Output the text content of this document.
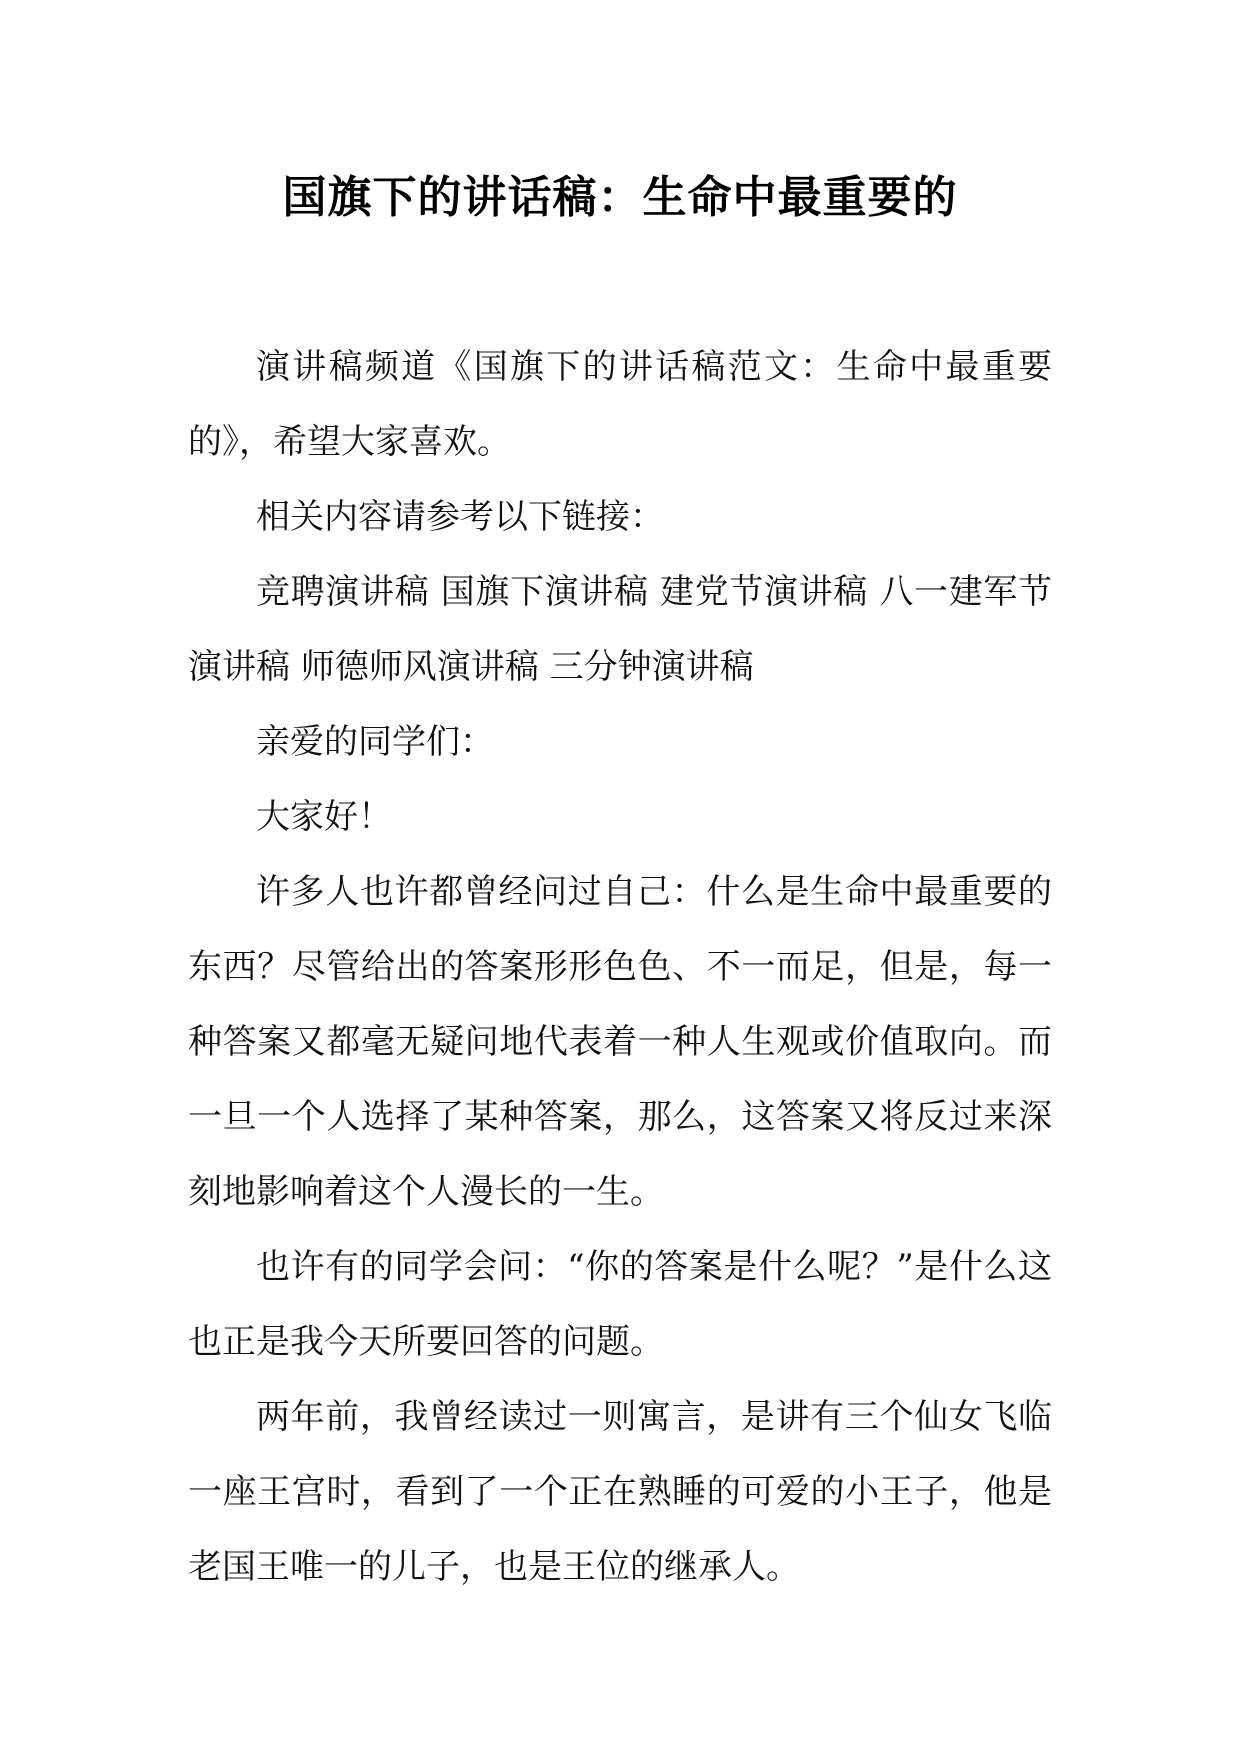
国旗下的讲话稿：生命中最重要的

演讲稿频道《国旗下的讲话稿范文：生命中最重要的》，希望大家喜欢。

相关内容请参考以下链接：

竞聘演讲稿 国旗下演讲稿 建党节演讲稿 八一建军节演讲稿 师德师风演讲稿 三分钟演讲稿

亲爱的同学们：

大家好！

许多人也许都曾经问过自己：什么是生命中最重要的东西？尽管给出的答案形形色色、不一而足，但是，每一种答案又都毫无疑问地代表着一种人生观或价值取向。而一旦一个人选择了某种答案，那么，这答案又将反过来深刻地影响着这个人漫长的一生。

也许有的同学会问：“你的答案是什么呢？”是什么这也正是我今天所要回答的问题。

两年前，我曾经读过一则寓言，是讲有三个仙女飞临一座王宫时，看到了一个正在熟睡的可爱的小王子，他是老国王唯一的儿子，也是王位的继承人。
